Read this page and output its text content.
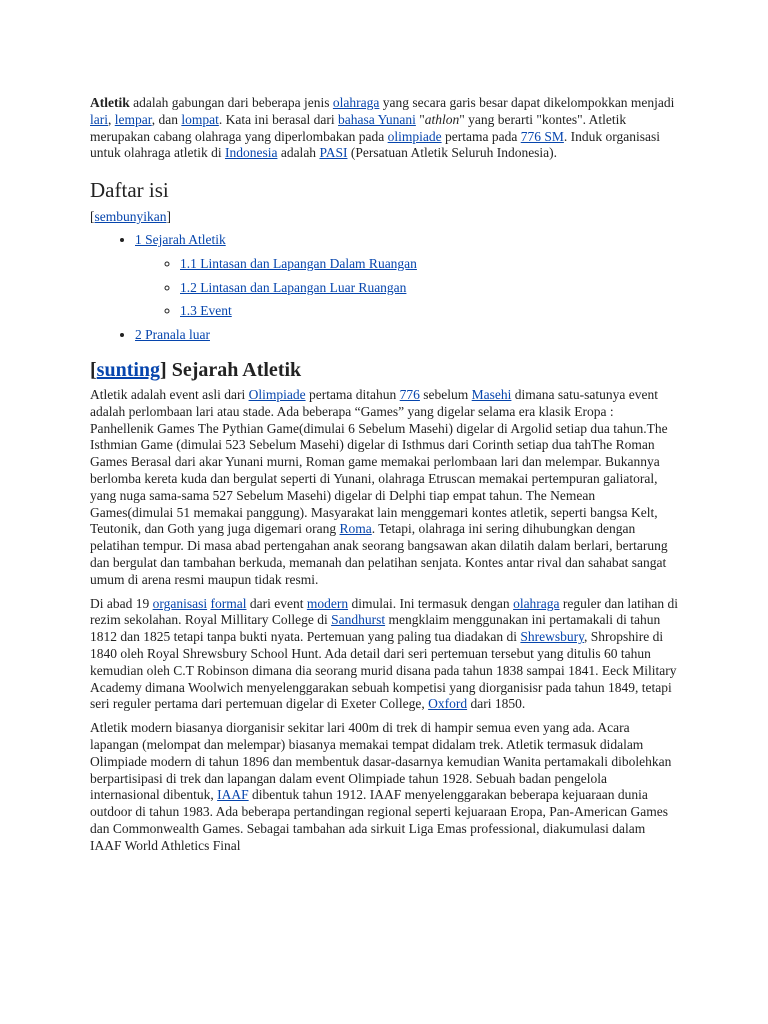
Atletik adalah gabungan dari beberapa jenis olahraga yang secara garis besar dapat dikelompokkan menjadi lari, lempar, dan lompat. Kata ini berasal dari bahasa Yunani "athlon" yang berarti "kontes". Atletik merupakan cabang olahraga yang diperlombakan pada olimpiade pertama pada 776 SM. Induk organisasi untuk olahraga atletik di Indonesia adalah PASI (Persatuan Atletik Seluruh Indonesia).

Daftar isi
[sembunyikan]
• 1 Sejarah Atletik
◦ 1.1 Lintasan dan Lapangan Dalam Ruangan
◦ 1.2 Lintasan dan Lapangan Luar Ruangan
◦ 1.3 Event
• 2 Pranala luar
[sunting] Sejarah Atletik

Atletik adalah event asli dari Olimpiade pertama ditahun 776 sebelum Masehi dimana satu-satunya event adalah perlombaan lari atau stade. Ada beberapa “Games” yang digelar selama era klasik Eropa : Panhellenik Games The Pythian Game(dimulai 6 Sebelum Masehi) digelar di Argolid setiap dua tahun.The Isthmian Game (dimulai 523 Sebelum Masehi) digelar di Isthmus dari Corinth setiap dua tahThe Roman Games Berasal dari akar Yunani murni, Roman game memakai perlombaan lari dan melempar. Bukannya berlomba kereta kuda dan bergulat seperti di Yunani, olahraga Etruscan memakai pertempuran galiatoral, yang nuga sama-sama 527 Sebelum Masehi) digelar di Delphi tiap empat tahun. The Nemean Games(dimulai 51 memakai panggung). Masyarakat lain menggemari kontes atletik, seperti bangsa Kelt, Teutonik, dan Goth yang juga digemari orang Roma. Tetapi, olahraga ini sering dihubungkan dengan pelatihan tempur. Di masa abad pertengahan anak seorang bangsawan akan dilatih dalam berlari, bertarung dan bergulat dan tambahan berkuda, memanah dan pelatihan senjata. Kontes antar rival dan sahabat sangat umum di arena resmi maupun tidak resmi.

Di abad 19 organisasi formal dari event modern dimulai. Ini termasuk dengan olahraga reguler dan latihan di rezim sekolahan. Royal Millitary College di Sandhurst mengklaim menggunakan ini pertamakali di tahun 1812 dan 1825 tetapi tanpa bukti nyata. Pertemuan yang paling tua diadakan di Shrewsbury, Shropshire di 1840 oleh Royal Shrewsbury School Hunt. Ada detail dari seri pertemuan tersebut yang ditulis 60 tahun kemudian oleh C.T Robinson dimana dia seorang murid disana pada tahun 1838 sampai 1841. Eeck Military Academy dimana Woolwich menyelenggarakan sebuah kompetisi yang diorganisisr pada tahun 1849, tetapi seri reguler pertama dari pertemuan digelar di Exeter College, Oxford dari 1850.

Atletik modern biasanya diorganisir sekitar lari 400m di trek di hampir semua even yang ada. Acara lapangan (melompat dan melempar) biasanya memakai tempat didalam trek. Atletik termasuk didalam Olimpiade modern di tahun 1896 dan membentuk dasar-dasarnya kemudian Wanita pertamakali dibolehkan berpartisipasi di trek dan lapangan dalam event Olimpiade tahun 1928. Sebuah badan pengelola internasional dibentuk, IAAF dibentuk tahun 1912. IAAF menyelenggarakan beberapa kejuaraan dunia outdoor di tahun 1983. Ada beberapa pertandingan regional seperti kejuaraan Eropa, Pan-American Games dan Commonwealth Games. Sebagai tambahan ada sirkuit Liga Emas professional, diakumulasi dalam IAAF World Athletics Final
